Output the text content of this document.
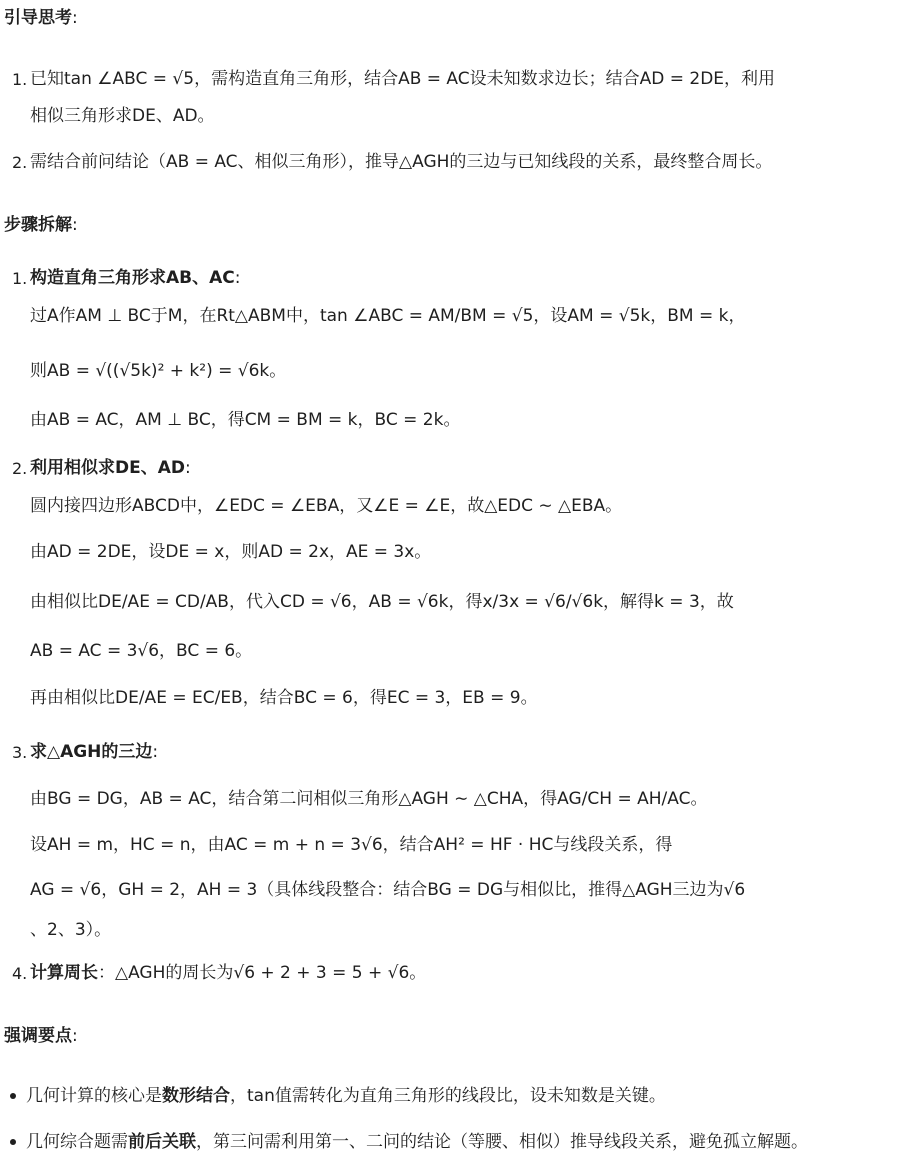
引导思考:
1. 已知tan ∠ABC = √5，需构造直角三角形，结合AB = AC设未知数求边长；结合AD = 2DE，利用
相似三角形求DE、AD。
2. 需结合前问结论（AB = AC、相似三角形），推导△AGH的三边与已知线段的关系，最终整合周长。
步骤拆解:
1. 构造直角三角形求AB、AC:
过A作AM ⊥ BC于M，在Rt△ABM中，tan ∠ABC = AM/BM = √5，设AM = √5k，BM = k，
则AB = √((√5k)² + k²) = √6k。
由AB = AC，AM ⊥ BC，得CM = BM = k，BC = 2k。
2. 利用相似求DE、AD:
圆内接四边形ABCD中，∠EDC = ∠EBA，又∠E = ∠E，故△EDC ∼ △EBA。
由AD = 2DE，设DE = x，则AD = 2x，AE = 3x。
由相似比DE/AE = CD/AB，代入CD = √6，AB = √6k，得x/3x = √6/√6k，解得k = 3，故
AB = AC = 3√6，BC = 6。
再由相似比DE/AE = EC/EB，结合BC = 6，得EC = 3，EB = 9。
3. 求△AGH的三边:
由BG = DG，AB = AC，结合第二问相似三角形△AGH ∼ △CHA，得AG/CH = AH/AC。
设AH = m，HC = n，由AC = m + n = 3√6，结合AH² = HF · HC与线段关系，得
AG = √6，GH = 2，AH = 3（具体线段整合：结合BG = DG与相似比，推得△AGH三边为√6
、2、3）。
4. 计算周长：△AGH的周长为√6 + 2 + 3 = 5 + √6。
强调要点:
几何计算的核心是数形结合，tan值需转化为直角三角形的线段比，设未知数是关键。
几何综合题需前后关联，第三问需利用第一、二问的结论（等腰、相似）推导线段关系，避免孤立解题。
